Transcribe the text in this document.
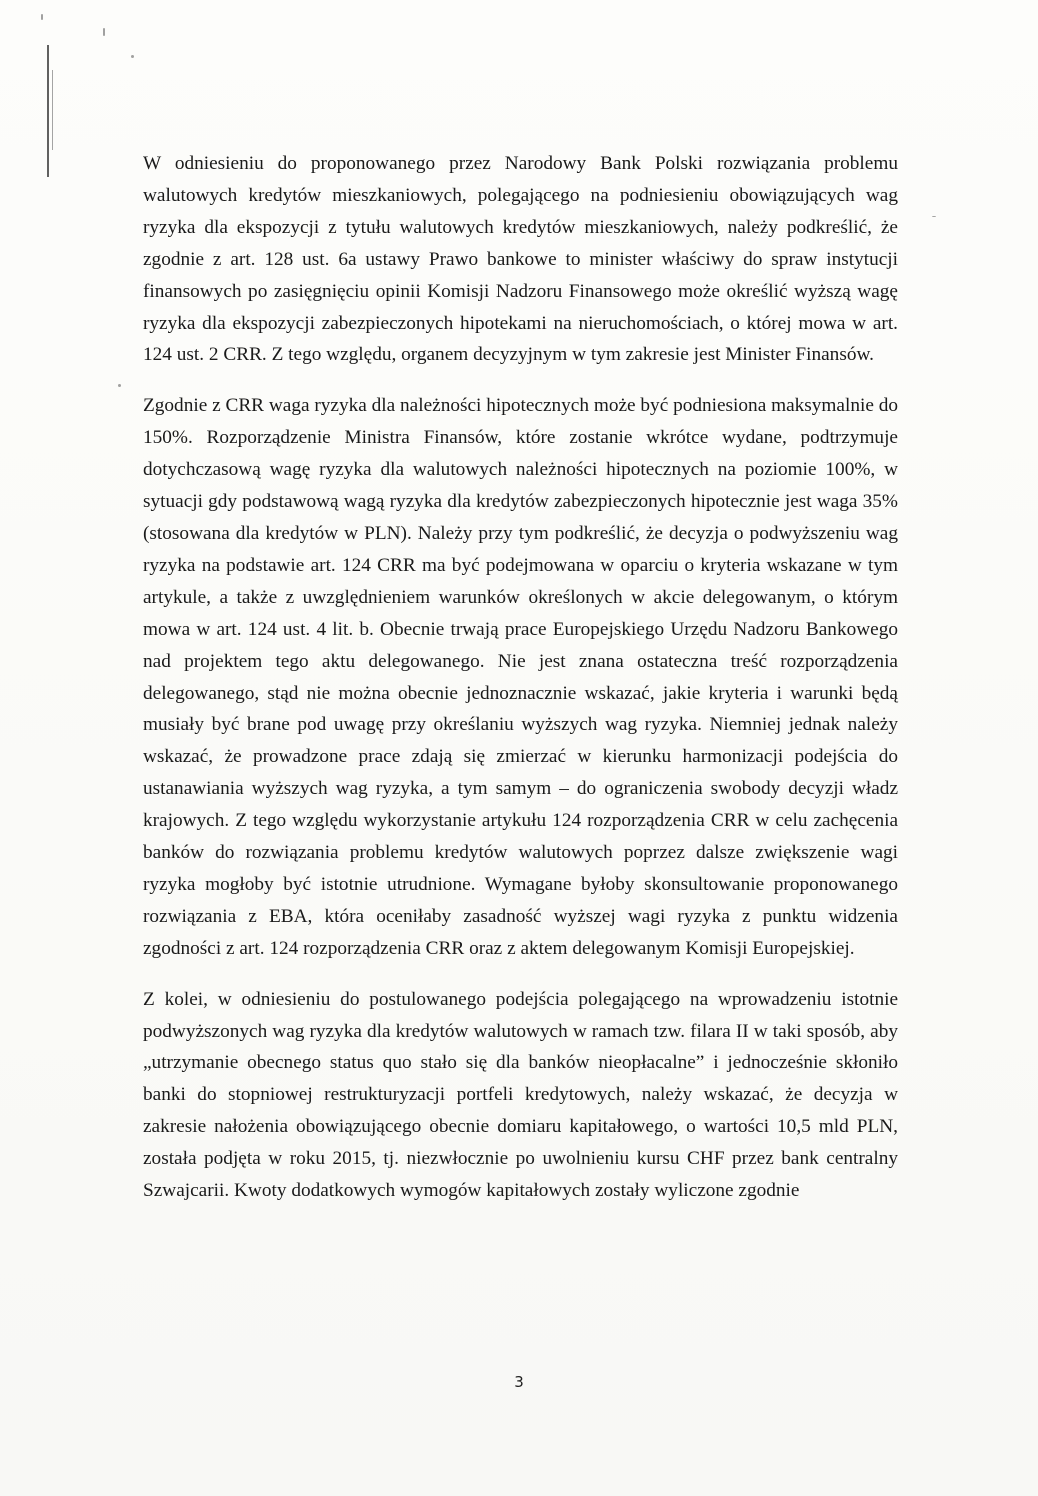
W odniesieniu do proponowanego przez Narodowy Bank Polski rozwiązania problemu walutowych kredytów mieszkaniowych, polegającego na podniesieniu obowiązujących wag ryzyka dla ekspozycji z tytułu walutowych kredytów mieszkaniowych, należy podkreślić, że zgodnie z art. 128 ust. 6a ustawy Prawo bankowe to minister właściwy do spraw instytucji finansowych po zasięgnięciu opinii Komisji Nadzoru Finansowego może określić wyższą wagę ryzyka dla ekspozycji zabezpieczonych hipotekami na nieruchomościach, o której mowa w art. 124 ust. 2 CRR. Z tego względu, organem decyzyjnym w tym zakresie jest Minister Finansów.

Zgodnie z CRR waga ryzyka dla należności hipotecznych może być podniesiona maksymalnie do 150%. Rozporządzenie Ministra Finansów, które zostanie wkrótce wydane, podtrzymuje dotychczasową wagę ryzyka dla walutowych należności hipotecznych na poziomie 100%, w sytuacji gdy podstawową wagą ryzyka dla kredytów zabezpieczonych hipotecznie jest waga 35% (stosowana dla kredytów w PLN). Należy przy tym podkreślić, że decyzja o podwyższeniu wag ryzyka na podstawie art. 124 CRR ma być podejmowana w oparciu o kryteria wskazane w tym artykule, a także z uwzględnieniem warunków określonych w akcie delegowanym, o którym mowa w art. 124 ust. 4 lit. b. Obecnie trwają prace Europejskiego Urzędu Nadzoru Bankowego nad projektem tego aktu delegowanego. Nie jest znana ostateczna treść rozporządzenia delegowanego, stąd nie można obecnie jednoznacznie wskazać, jakie kryteria i warunki będą musiały być brane pod uwagę przy określaniu wyższych wag ryzyka. Niemniej jednak należy wskazać, że prowadzone prace zdają się zmierzać w kierunku harmonizacji podejścia do ustanawiania wyższych wag ryzyka, a tym samym – do ograniczenia swobody decyzji władz krajowych. Z tego względu wykorzystanie artykułu 124 rozporządzenia CRR w celu zachęcenia banków do rozwiązania problemu kredytów walutowych poprzez dalsze zwiększenie wagi ryzyka mogłoby być istotnie utrudnione. Wymagane byłoby skonsultowanie proponowanego rozwiązania z EBA, która oceniłaby zasadność wyższej wagi ryzyka z punktu widzenia zgodności z art. 124 rozporządzenia CRR oraz z aktem delegowanym Komisji Europejskiej.

Z kolei, w odniesieniu do postulowanego podejścia polegającego na wprowadzeniu istotnie podwyższonych wag ryzyka dla kredytów walutowych w ramach tzw. filara II w taki sposób, aby „utrzymanie obecnego status quo stało się dla banków nieopłacalne” i jednocześnie skłoniło banki do stopniowej restrukturyzacji portfeli kredytowych, należy wskazać, że decyzja w zakresie nałożenia obowiązującego obecnie domiaru kapitałowego, o wartości 10,5 mld PLN, została podjęta w roku 2015, tj. niezwłocznie po uwolnieniu kursu CHF przez bank centralny Szwajcarii. Kwoty dodatkowych wymogów kapitałowych zostały wyliczone zgodnie

3
